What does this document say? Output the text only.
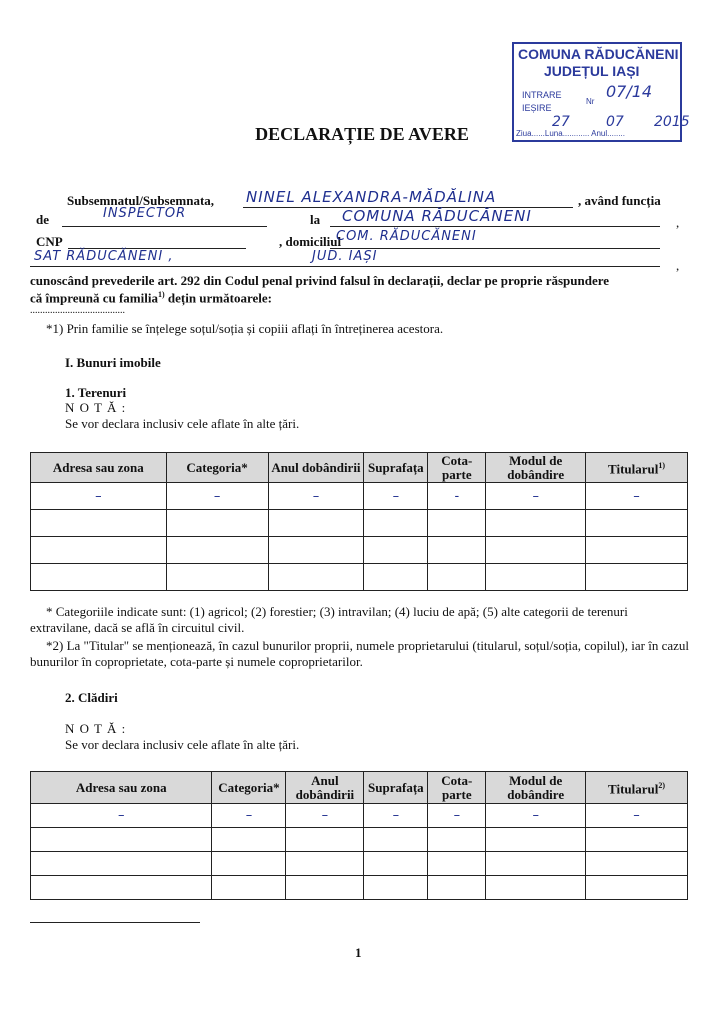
COMUNA RĂDUCĂNENI
JUDEȚUL IAȘI
INTRARE
IEȘIRE
Nr
Ziua......Luna............ Anul........
07/14
27	07 2015
DECLARAȚIE DE AVERE
Subsemnatul/Subsemnata, NINEL ALEXANDRA-MĂDĂLINA	, având funcția
de	INSPECTOR	la COMUNA RĂDUCĂNENI	,
CNP	, domiciliul
COM. RĂDUCĂNENI
SAT RĂDUCĂNENI ,	JUD. IAȘI
,
cunoscând prevederile art. 292 din Codul penal privind falsul în declarații, declar pe proprie răspundere
că împreună cu familia$^{1)}$ dețin următoarele:
......................................
*1) Prin familie se înțelege soțul/soția și copiii aflați în întreținerea acestora.
I. Bunuri imobile
1. Terenuri
N O T Ă :
Se vor declara inclusiv cele aflate în alte țări.
Adresa sau zona	Categoria*	Anul dobândirii	Suprafața	Cota-parte	Modul de dobândire	Titularul$^{1)}$
–	–	–	–	-	–	–

* Categoriile indicate sunt: (1) agricol; (2) forestier; (3) intravilan; (4) luciu de apă; (5) alte categorii de terenuri extravilane, dacă se află în circuitul civil.
*2) La "Titular" se menționează, în cazul bunurilor proprii, numele proprietarului (titularul, soțul/soția, copilul), iar în cazul bunurilor în coproprietate, cota-parte și numele coproprietarilor.
2. Clădiri
N O T Ă :
Se vor declara inclusiv cele aflate în alte țări.
Adresa sau zona	Categoria*	Anul dobândirii	Suprafața	Cota-parte	Modul de dobândire	Titularul$^{2)}$
–	–	–	–	–	–	–

1
